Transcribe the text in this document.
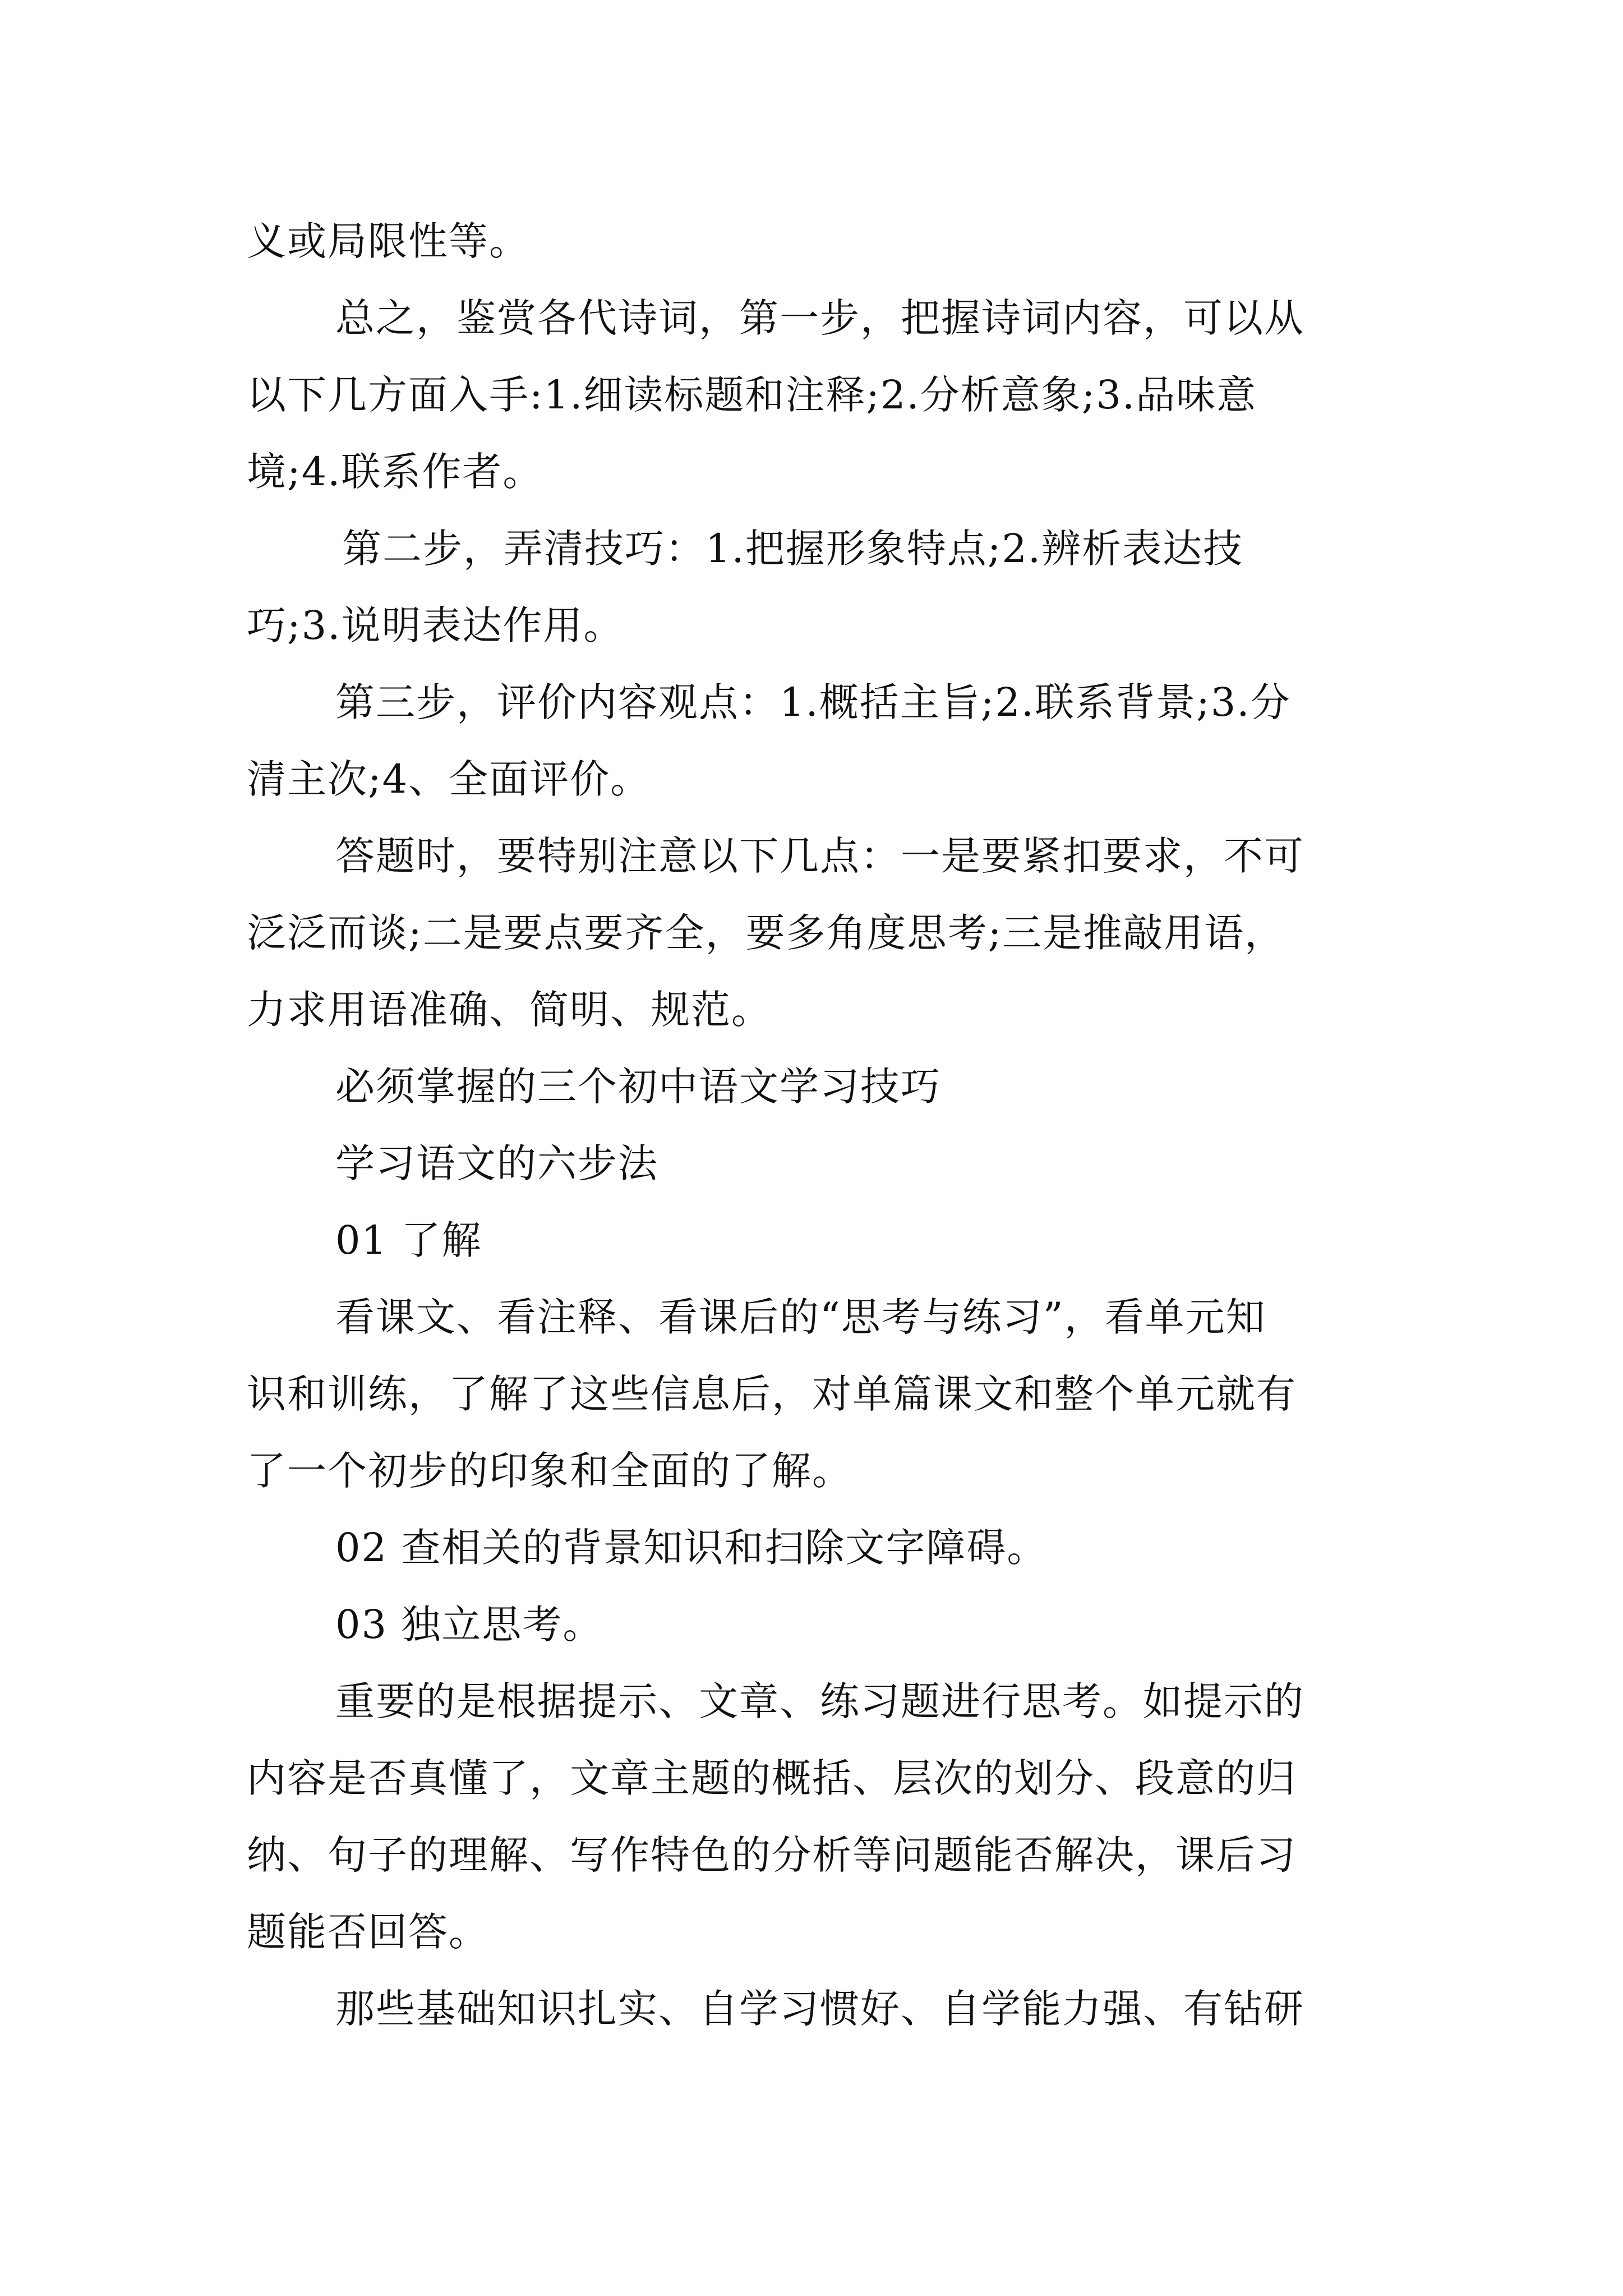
义或局限性等。
总之，鉴赏各代诗词，第一步，把握诗词内容，可以从
以下几方面入手:1.细读标题和注释;2.分析意象;3.品味意
境;4.联系作者。
第二步，弄清技巧：1.把握形象特点;2.辨析表达技
巧;3.说明表达作用。
第三步，评价内容观点：1.概括主旨;2.联系背景;3.分
清主次;4、全面评价。
答题时，要特别注意以下几点：一是要紧扣要求，不可
泛泛而谈;二是要点要齐全，要多角度思考;三是推敲用语，
力求用语准确、简明、规范。
必须掌握的三个初中语文学习技巧
学习语文的六步法
01 了解
看课文、看注释、看课后的“思考与练习”，看单元知
识和训练，了解了这些信息后，对单篇课文和整个单元就有
了一个初步的印象和全面的了解。
02 查相关的背景知识和扫除文字障碍。
03 独立思考。
重要的是根据提示、文章、练习题进行思考。如提示的
内容是否真懂了，文章主题的概括、层次的划分、段意的归
纳、句子的理解、写作特色的分析等问题能否解决，课后习
题能否回答。
那些基础知识扎实、自学习惯好、自学能力强、有钻研
